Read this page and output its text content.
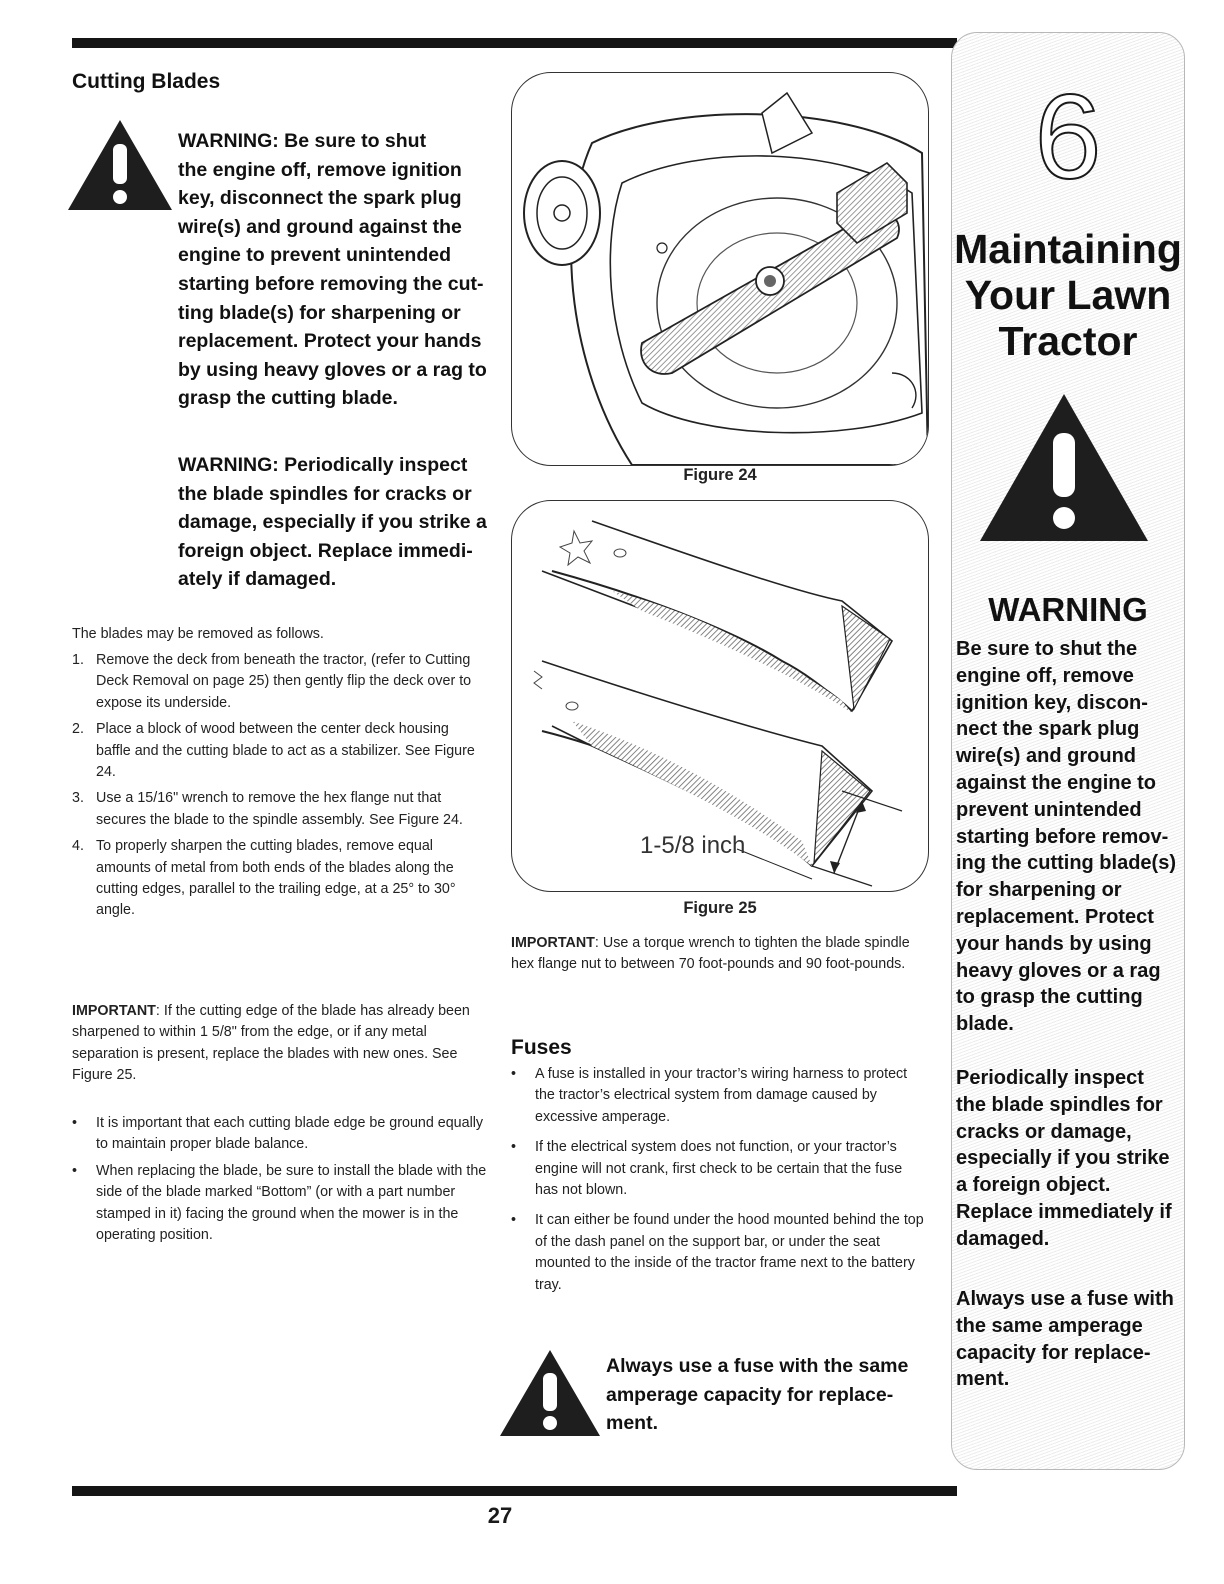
Cutting Blades
WARNING: Be sure to shut
the engine off, remove ignition
key, disconnect the spark plug
wire(s) and ground against the
engine to prevent unintended
starting before removing the cut-
ting blade(s) for sharpening or
replacement. Protect your hands
by using heavy gloves or a rag to
grasp the cutting blade.
WARNING: Periodically inspect
the blade spindles for cracks or
damage, especially if you strike a
foreign object. Replace immedi-
ately if damaged.

The blades may be removed as follows.

1. Remove the deck from beneath the tractor, (refer to Cutting Deck Removal on page 25) then gently flip the deck over to expose its underside.
2. Place a block of wood between the center deck housing baffle and the cutting blade to act as a stabilizer. See Figure 24.
3. Use a 15/16" wrench to remove the hex flange nut that secures the blade to the spindle assembly. See Figure 24.
4. To properly sharpen the cutting blades, remove equal amounts of metal from both ends of the blades along the cutting edges, parallel to the trailing edge, at a 25° to 30° angle.

IMPORTANT: If the cutting edge of the blade has already been sharpened to within 1 5/8" from the edge, or if any metal separation is present, replace the blades with new ones. See Figure 25.

• It is important that each cutting blade edge be ground equally to maintain proper blade balance.
• When replacing the blade, be sure to install the blade with the side of the blade marked “Bottom” (or with a part number stamped in it) facing the ground when the mower is in the operating position.
Figure 24
1-5/8 inch
Figure 25

IMPORTANT: Use a torque wrench to tighten the blade spindle hex flange nut to between 70 foot-pounds and 90 foot-pounds.

Fuses
• A fuse is installed in your tractor’s wiring harness to protect the tractor’s electrical system from damage caused by excessive amperage.
• If the electrical system does not function, or your tractor’s engine will not crank, first check to be certain that the fuse has not blown.
• It can either be found under the hood mounted behind the top of the dash panel on the support bar, or under the seat mounted to the inside of the tractor frame next to the battery tray.
Always use a fuse with the same
amperage capacity for replace-
ment.
6
Maintaining
Your Lawn
Tractor
WARNING
Be sure to shut the
engine off, remove
ignition key, discon-
nect the spark plug
wire(s) and ground
against the engine to
prevent unintended
starting before remov-
ing the cutting blade(s)
for sharpening or
replacement. Protect
your hands by using
heavy gloves or a rag
to grasp the cutting
blade.
Periodically inspect
the blade spindles for
cracks or damage,
especially if you strike
a foreign object.
Replace immediately if
damaged.
Always use a fuse with
the same amperage
capacity for replace-
ment.
27
